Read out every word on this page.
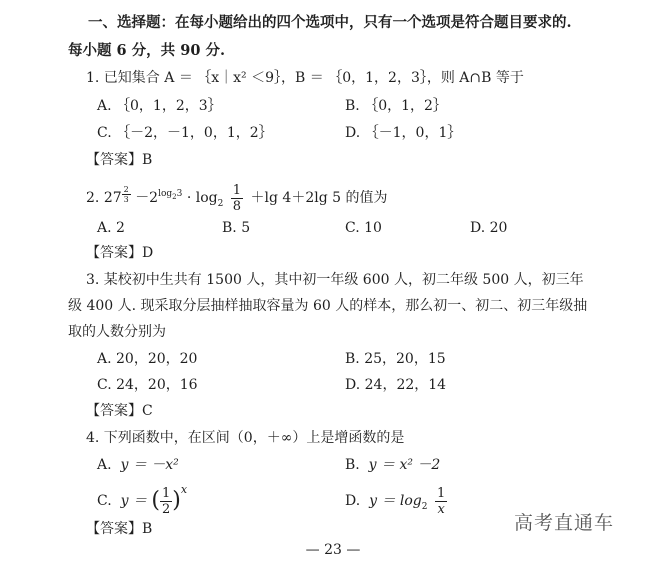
一、选择题：在每小题给出的四个选项中，只有一个选项是符合题目要求的.
每小题 6 分，共 90 分.
1. 已知集合 A ＝ ｛x｜x² ＜9｝，B ＝ ｛0，1，2，3｝，则 A∩B 等于
A. ｛0，1，2，3｝	B. ｛0，1，2｝
C. ｛－2，－1，0，1，2｝	D. ｛－1，0，1｝
【答案】B
2. 27 $^{\frac{2}{3}} -2^{log_23} \cdot \log_2 \frac{1}{8} +\lg$ 4＋2lg 5 的值为
A. 2	B. 5	C. 10	D. 20
【答案】D
3. 某校初中生共有 1500 人，其中初一年级 600 人，初二年级 500 人，初三年
级 400 人. 现采取分层抽样抽取容量为 60 人的样本，那么初一、初二、初三年级抽
取的人数分别为
A. 20，20，20	B. 25，20，15
C. 24，20，16	D. 24，22，14
【答案】C
4. 下列函数中，在区间（0，＋∞）上是增函数的是
A. y ＝ －x²	B. y ＝ x² －2
C. y ＝ ( $\frac{1}{2} )^x$
D. $y = \log_2 \frac{1}{x}$
【答案】B
— 23 —
高考直通车
